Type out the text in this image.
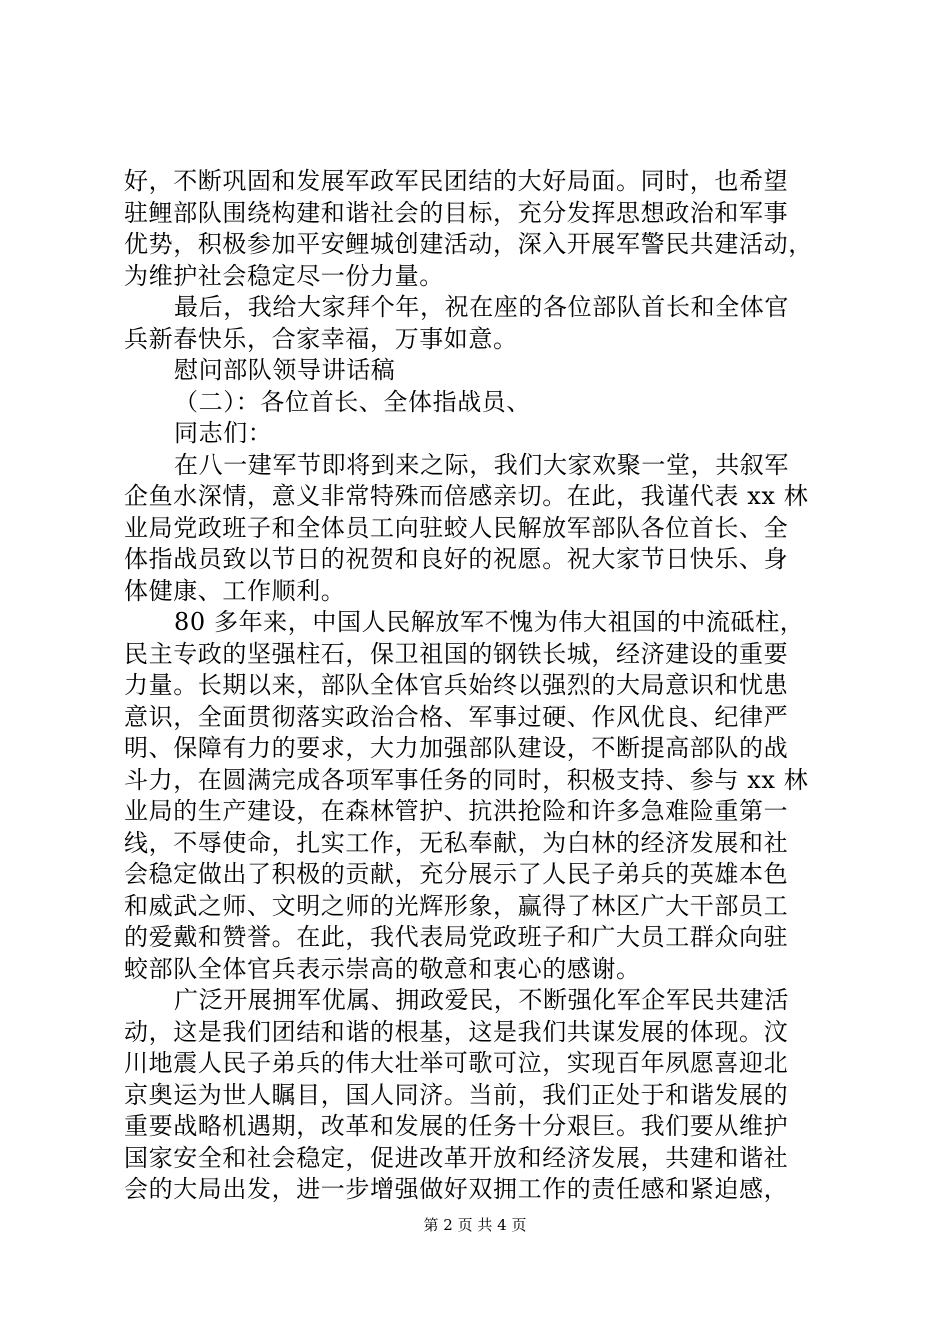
好，不断巩固和发展军政军民团结的大好局面。同时，也希望
驻鲤部队围绕构建和谐社会的目标，充分发挥思想政治和军事
优势，积极参加平安鲤城创建活动，深入开展军警民共建活动，
为维护社会稳定尽一份力量。
最后，我给大家拜个年，祝在座的各位部队首长和全体官
兵新春快乐，合家幸福，万事如意。
慰问部队领导讲话稿
（二）：各位首长、全体指战员、
同志们：
在八一建军节即将到来之际，我们大家欢聚一堂，共叙军
企鱼水深情，意义非常特殊而倍感亲切。在此，我谨代表 xx 林
业局党政班子和全体员工向驻蛟人民解放军部队各位首长、全
体指战员致以节日的祝贺和良好的祝愿。祝大家节日快乐、身
体健康、工作顺利。
80 多年来，中国人民解放军不愧为伟大祖国的中流砥柱，
民主专政的坚强柱石，保卫祖国的钢铁长城，经济建设的重要
力量。长期以来，部队全体官兵始终以强烈的大局意识和忧患
意识，全面贯彻落实政治合格、军事过硬、作风优良、纪律严
明、保障有力的要求，大力加强部队建设，不断提高部队的战
斗力，在圆满完成各项军事任务的同时，积极支持、参与 xx 林
业局的生产建设，在森林管护、抗洪抢险和许多急难险重第一
线，不辱使命，扎实工作，无私奉献，为白林的经济发展和社
会稳定做出了积极的贡献，充分展示了人民子弟兵的英雄本色
和威武之师、文明之师的光辉形象，赢得了林区广大干部员工
的爱戴和赞誉。在此，我代表局党政班子和广大员工群众向驻
蛟部队全体官兵表示崇高的敬意和衷心的感谢。
广泛开展拥军优属、拥政爱民，不断强化军企军民共建活
动，这是我们团结和谐的根基，这是我们共谋发展的体现。汶
川地震人民子弟兵的伟大壮举可歌可泣，实现百年夙愿喜迎北
京奥运为世人瞩目，国人同济。当前，我们正处于和谐发展的
重要战略机遇期，改革和发展的任务十分艰巨。我们要从维护
国家安全和社会稳定，促进改革开放和经济发展，共建和谐社
会的大局出发，进一步增强做好双拥工作的责任感和紧迫感，
第 2 页 共 4 页
